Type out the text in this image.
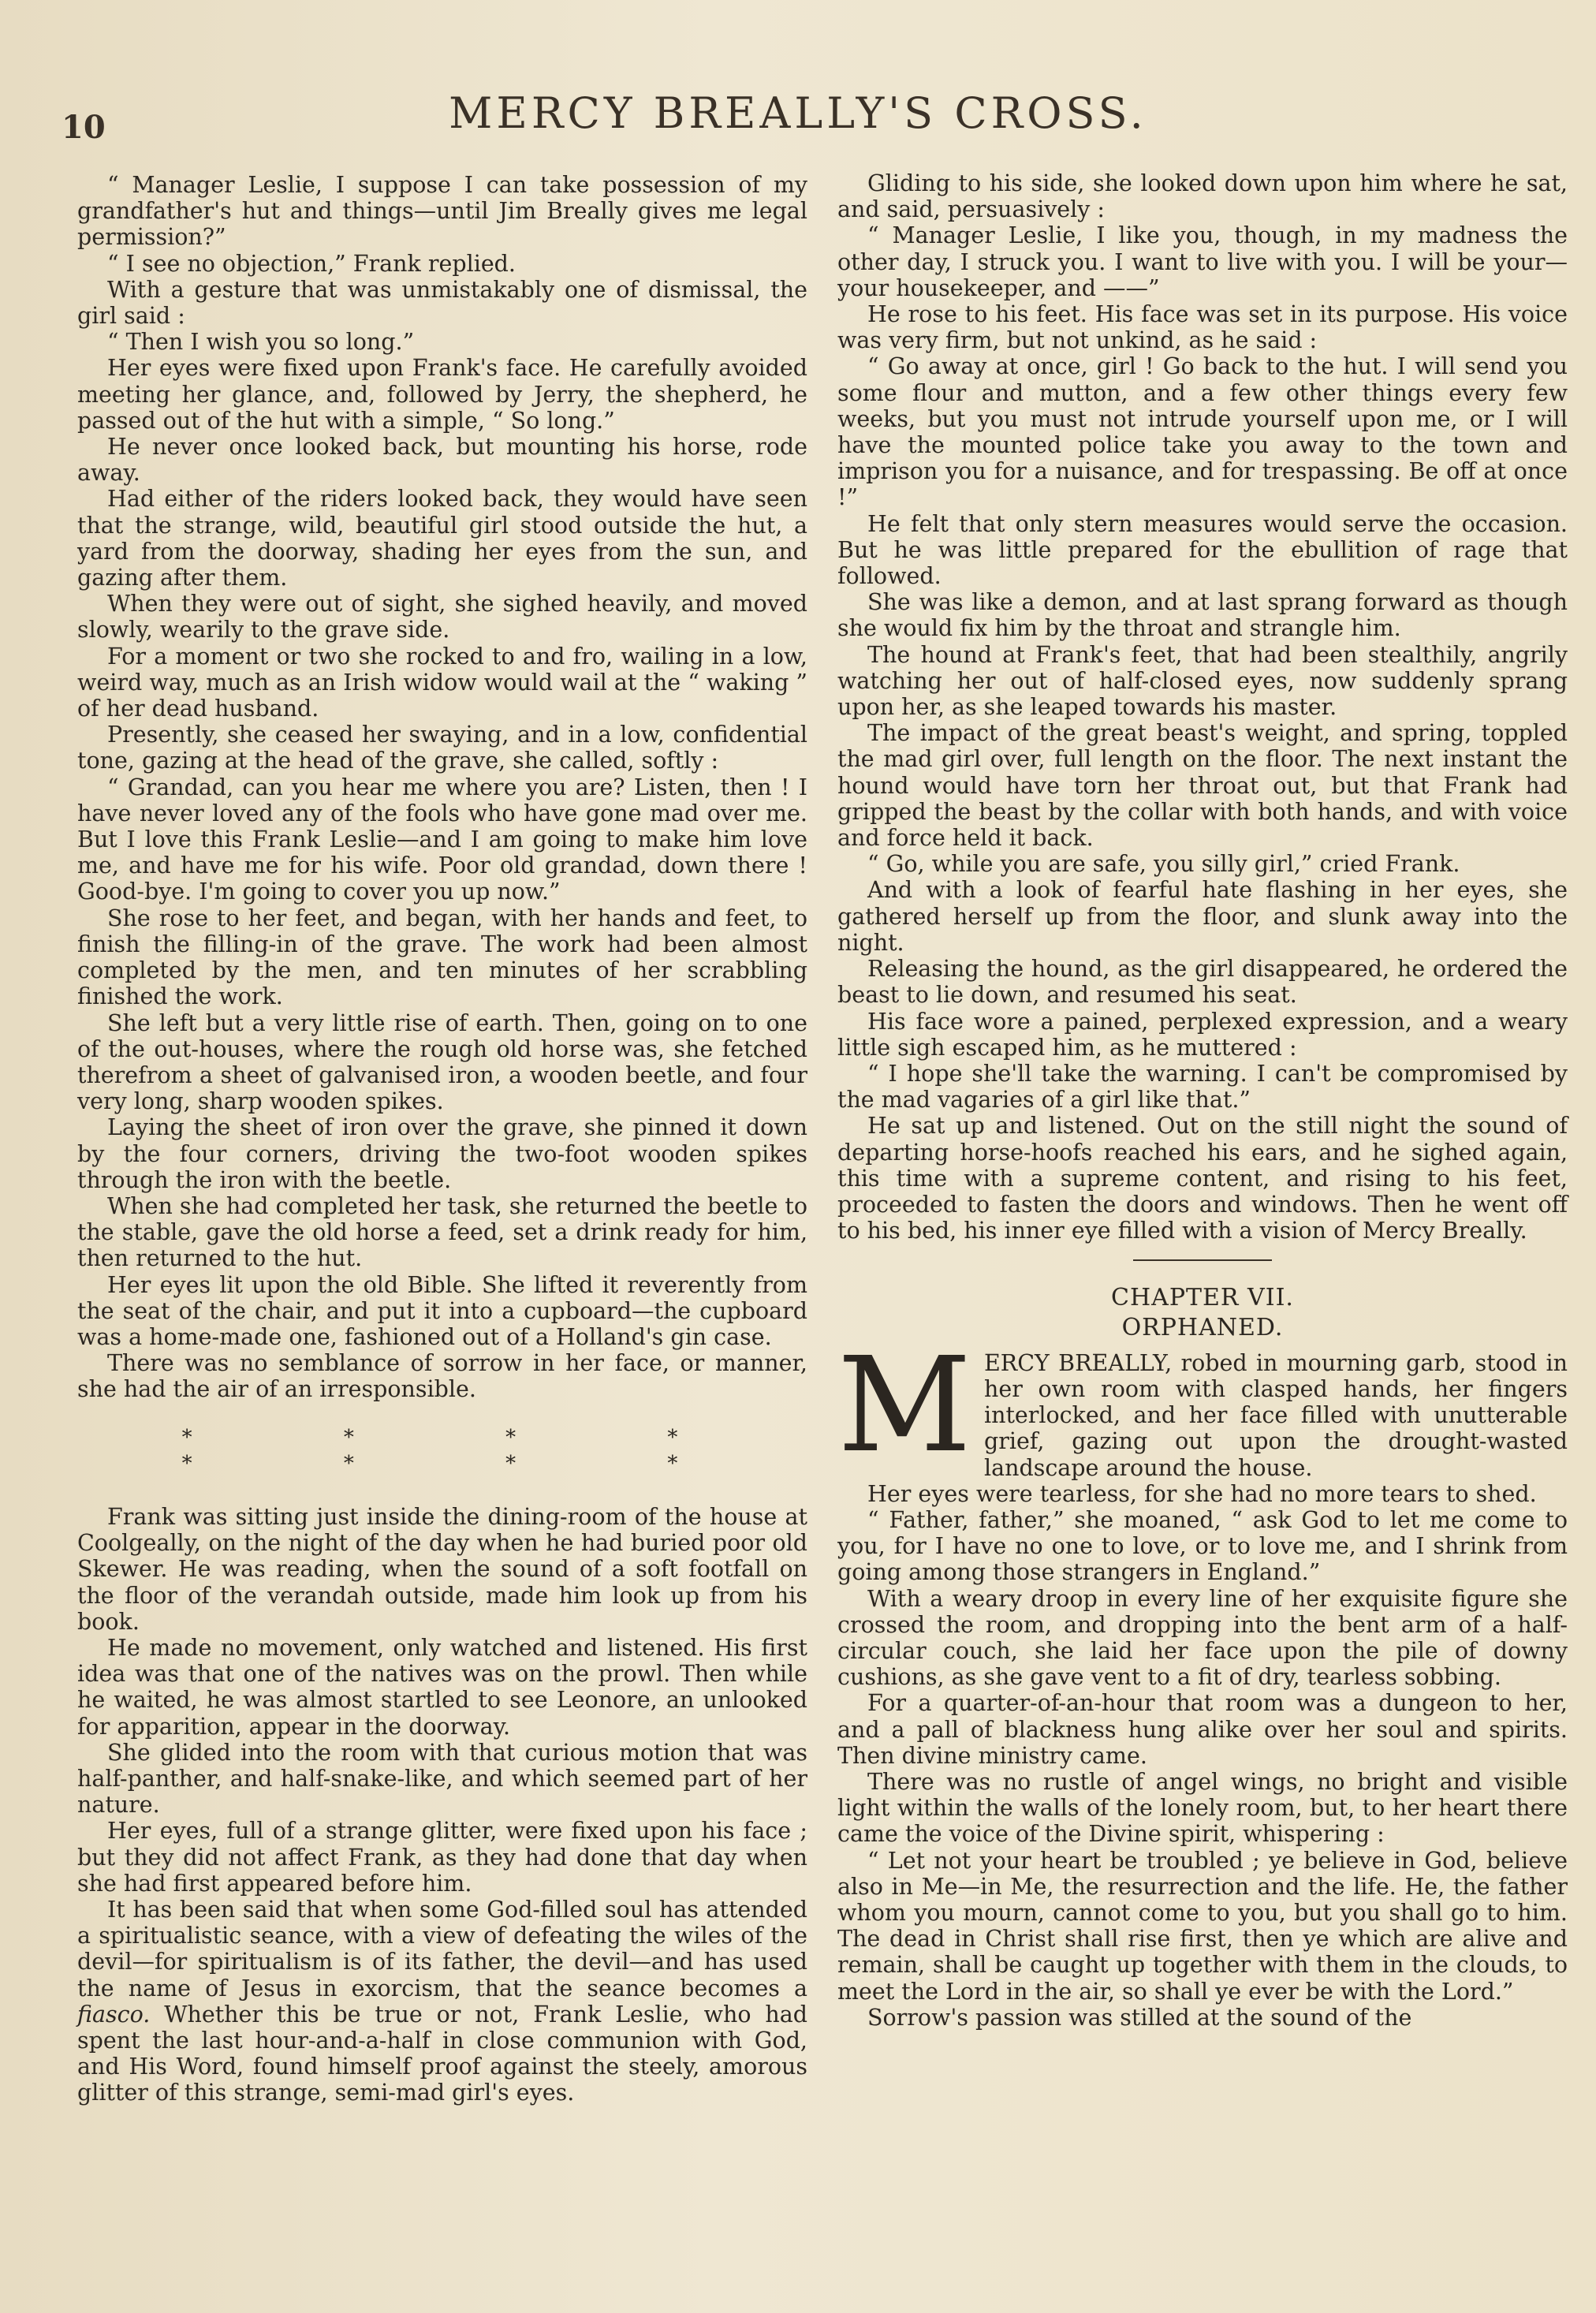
10	MERCY BREALLY'S CROSS.

“ Manager Leslie, I suppose I can take possession of my grandfather's hut and things—until Jim Breally gives me legal permission?”

“ I see no objection,” Frank replied.

With a gesture that was unmistakably one of dismissal, the girl said :

“ Then I wish you so long.”

Her eyes were fixed upon Frank's face. He carefully avoided meeting her glance, and, followed by Jerry, the shepherd, he passed out of the hut with a simple, “ So long.”

He never once looked back, but mounting his horse, rode away.

Had either of the riders looked back, they would have seen that the strange, wild, beautiful girl stood outside the hut, a yard from the doorway, shading her eyes from the sun, and gazing after them.

When they were out of sight, she sighed heavily, and moved slowly, wearily to the grave side.

For a moment or two she rocked to and fro, wailing in a low, weird way, much as an Irish widow would wail at the “ waking ” of her dead husband.

Presently, she ceased her swaying, and in a low, confidential tone, gazing at the head of the grave, she called, softly :

“ Grandad, can you hear me where you are? Listen, then ! I have never loved any of the fools who have gone mad over me. But I love this Frank Leslie—and I am going to make him love me, and have me for his wife. Poor old grandad, down there ! Good-bye. I'm going to cover you up now.”

She rose to her feet, and began, with her hands and feet, to finish the filling-in of the grave. The work had been almost completed by the men, and ten minutes of her scrabbling finished the work.

She left but a very little rise of earth. Then, going on to one of the out-houses, where the rough old horse was, she fetched therefrom a sheet of galvanised iron, a wooden beetle, and four very long, sharp wooden spikes.

Laying the sheet of iron over the grave, she pinned it down by the four corners, driving the two-foot wooden spikes through the iron with the beetle.

When she had completed her task, she returned the beetle to the stable, gave the old horse a feed, set a drink ready for him, then returned to the hut.

Her eyes lit upon the old Bible. She lifted it reverently from the seat of the chair, and put it into a cupboard—the cupboard was a home-made one, fashioned out of a Holland's gin case.

There was no semblance of sorrow in her face, or manner, she had the air of an irresponsible.

* * * * * * * *

Frank was sitting just inside the dining-room of the house at Coolgeally, on the night of the day when he had buried poor old Skewer. He was reading, when the sound of a soft footfall on the floor of the verandah outside, made him look up from his book.

He made no movement, only watched and listened. His first idea was that one of the natives was on the prowl. Then while he waited, he was almost startled to see Leonore, an unlooked for apparition, appear in the doorway.

She glided into the room with that curious motion that was half-panther, and half-snake-like, and which seemed part of her nature.

Her eyes, full of a strange glitter, were fixed upon his face ; but they did not affect Frank, as they had done that day when she had first appeared before him.

It has been said that when some God-filled soul has attended a spiritualistic seance, with a view of defeating the wiles of the devil—for spiritualism is of its father, the devil—and has used the name of Jesus in exorcism, that the seance becomes a fiasco. Whether this be true or not, Frank Leslie, who had spent the last hour-and-a-half in close communion with God, and His Word, found himself proof against the steely, amorous glitter of this strange, semi-mad girl's eyes.

Gliding to his side, she looked down upon him where he sat, and said, persuasively :

“ Manager Leslie, I like you, though, in my madness the other day, I struck you. I want to live with you. I will be your—your housekeeper, and ——”

He rose to his feet. His face was set in its purpose. His voice was very firm, but not unkind, as he said :

“ Go away at once, girl ! Go back to the hut. I will send you some flour and mutton, and a few other things every few weeks, but you must not intrude yourself upon me, or I will have the mounted police take you away to the town and imprison you for a nuisance, and for trespassing. Be off at once !”

He felt that only stern measures would serve the occasion. But he was little prepared for the ebullition of rage that followed.

She was like a demon, and at last sprang forward as though she would fix him by the throat and strangle him.

The hound at Frank's feet, that had been stealthily, angrily watching her out of half-closed eyes, now suddenly sprang upon her, as she leaped towards his master.

The impact of the great beast's weight, and spring, toppled the mad girl over, full length on the floor. The next instant the hound would have torn her throat out, but that Frank had gripped the beast by the collar with both hands, and with voice and force held it back.

“ Go, while you are safe, you silly girl,” cried Frank.

And with a look of fearful hate flashing in her eyes, she gathered herself up from the floor, and slunk away into the night.

Releasing the hound, as the girl disappeared, he ordered the beast to lie down, and resumed his seat.

His face wore a pained, perplexed expression, and a weary little sigh escaped him, as he muttered :

“ I hope she'll take the warning. I can't be compromised by the mad vagaries of a girl like that.”

He sat up and listened. Out on the still night the sound of departing horse-hoofs reached his ears, and he sighed again, this time with a supreme content, and rising to his feet, proceeded to fasten the doors and windows. Then he went off to his bed, his inner eye filled with a vision of Mercy Breally.

CHAPTER VII.
ORPHANED.

MERCY BREALLY, robed in mourning garb, stood in her own room with clasped hands, her fingers interlocked, and her face filled with unutterable grief, gazing out upon the drought-wasted landscape around the house.

Her eyes were tearless, for she had no more tears to shed.

“ Father, father,” she moaned, “ ask God to let me come to you, for I have no one to love, or to love me, and I shrink from going among those strangers in England.”

With a weary droop in every line of her exquisite figure she crossed the room, and dropping into the bent arm of a half-circular couch, she laid her face upon the pile of downy cushions, as she gave vent to a fit of dry, tearless sobbing.

For a quarter-of-an-hour that room was a dungeon to her, and a pall of blackness hung alike over her soul and spirits. Then divine ministry came.

There was no rustle of angel wings, no bright and visible light within the walls of the lonely room, but, to her heart there came the voice of the Divine spirit, whispering :

“ Let not your heart be troubled ; ye believe in God, believe also in Me—in Me, the resurrection and the life. He, the father whom you mourn, cannot come to you, but you shall go to him. The dead in Christ shall rise first, then ye which are alive and remain, shall be caught up together with them in the clouds, to meet the Lord in the air, so shall ye ever be with the Lord.”

Sorrow's passion was stilled at the sound of the
